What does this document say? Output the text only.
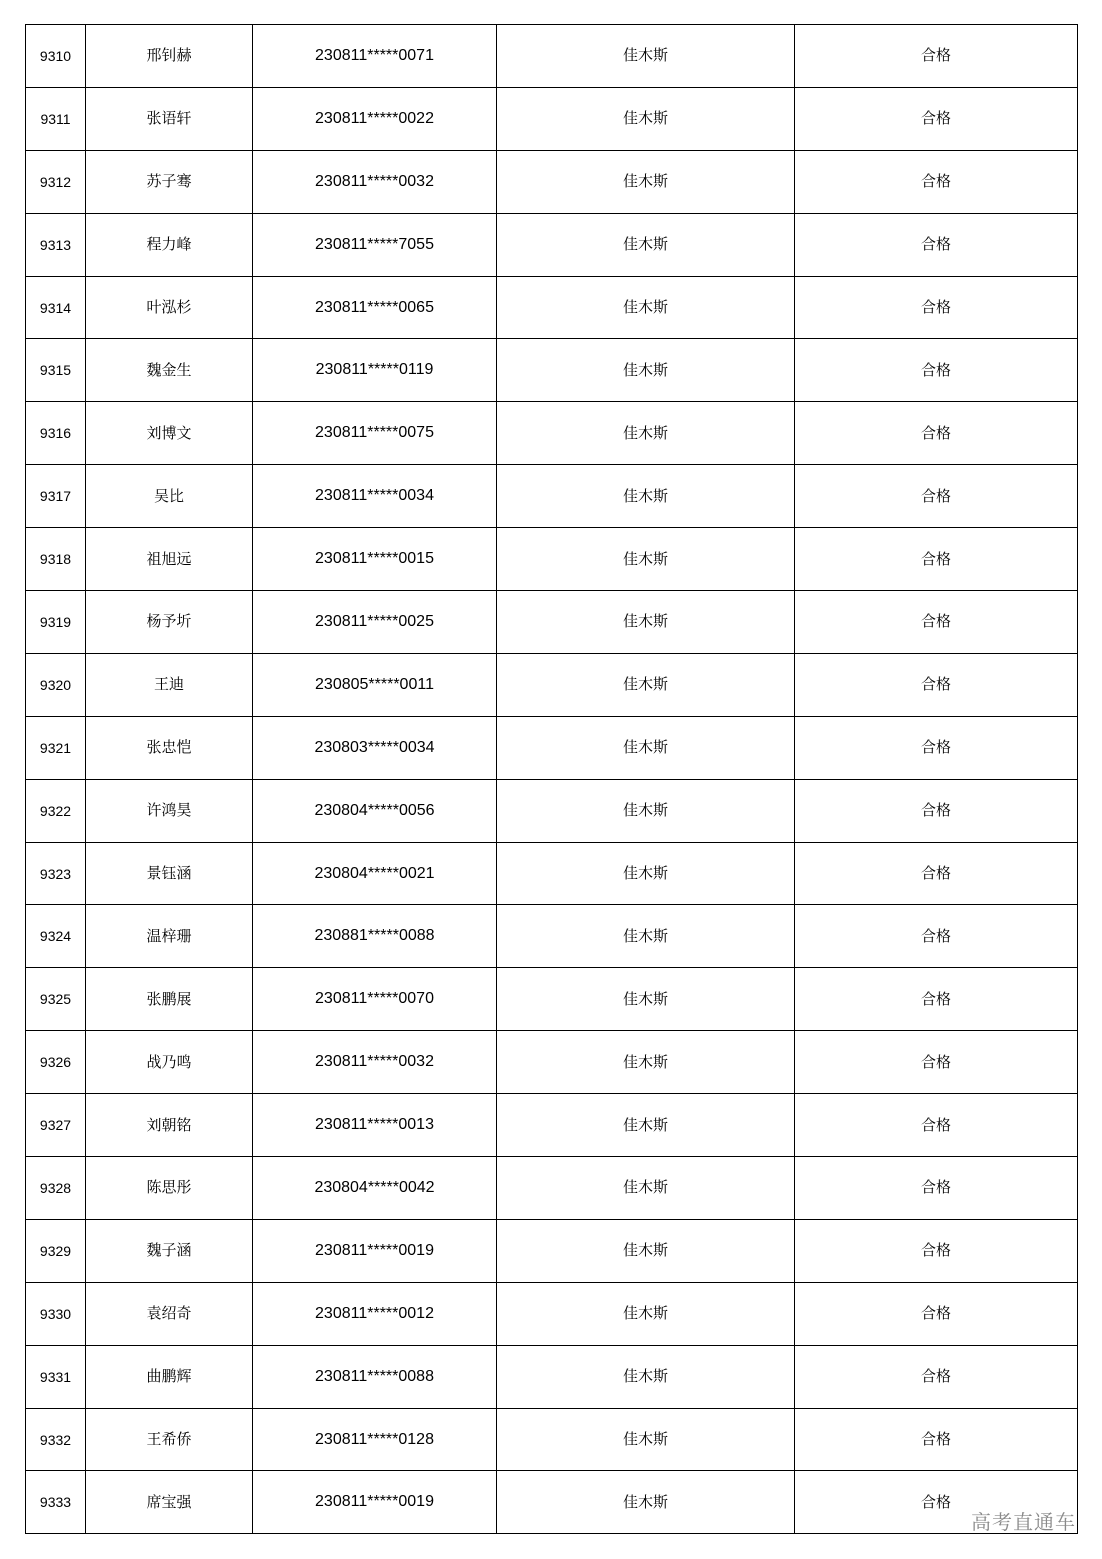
9310	邢钊赫	230811*****0071	佳木斯	合格
9311	张语轩	230811*****0022	佳木斯	合格
9312	苏子骞	230811*****0032	佳木斯	合格
9313	程力峰	230811*****7055	佳木斯	合格
9314	叶泓杉	230811*****0065	佳木斯	合格
9315	魏金生	230811*****0119	佳木斯	合格
9316	刘博文	230811*****0075	佳木斯	合格
9317	吴比	230811*****0034	佳木斯	合格
9318	祖旭远	230811*****0015	佳木斯	合格
9319	杨予圻	230811*****0025	佳木斯	合格
9320	王迪	230805*****0011	佳木斯	合格
9321	张忠恺	230803*****0034	佳木斯	合格
9322	许鸿昊	230804*****0056	佳木斯	合格
9323	景钰涵	230804*****0021	佳木斯	合格
9324	温梓珊	230881*****0088	佳木斯	合格
9325	张鹏展	230811*****0070	佳木斯	合格
9326	战乃鸣	230811*****0032	佳木斯	合格
9327	刘朝铭	230811*****0013	佳木斯	合格
9328	陈思彤	230804*****0042	佳木斯	合格
9329	魏子涵	230811*****0019	佳木斯	合格
9330	袁绍奇	230811*****0012	佳木斯	合格
9331	曲鹏辉	230811*****0088	佳木斯	合格
9332	王希侨	230811*****0128	佳木斯	合格
9333	席宝强	230811*****0019	佳木斯	合格
高考直通车
